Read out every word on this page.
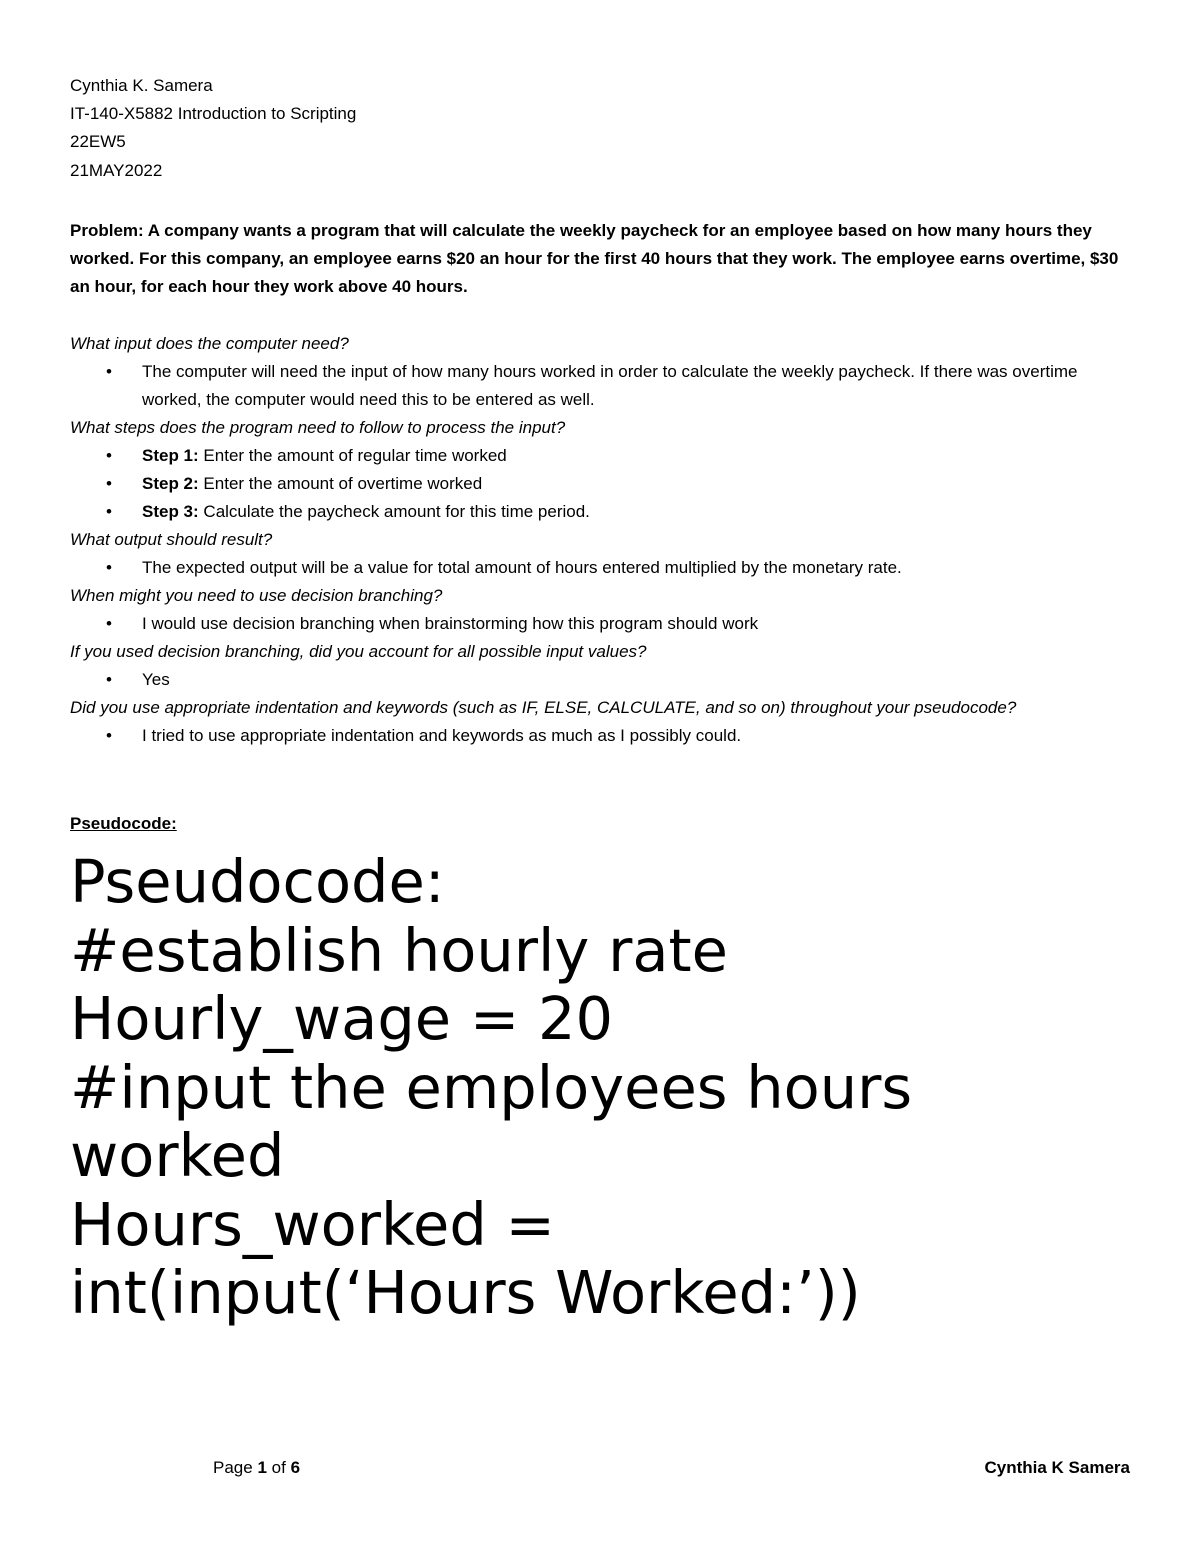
Cynthia K. Samera
IT-140-X5882 Introduction to Scripting
22EW5
21MAY2022
Problem: A company wants a program that will calculate the weekly paycheck for an employee based on how many hours they worked. For this company, an employee earns $20 an hour for the first 40 hours that they work. The employee earns overtime, $30 an hour, for each hour they work above 40 hours.

What input does the computer need?

• The computer will need the input of how many hours worked in order to calculate the weekly paycheck. If there was overtime worked, the computer would need this to be entered as well.

What steps does the program need to follow to process the input?

• Step 1: Enter the amount of regular time worked

• Step 2: Enter the amount of overtime worked

• Step 3: Calculate the paycheck amount for this time period.

What output should result?

• The expected output will be a value for total amount of hours entered multiplied by the monetary rate.

When might you need to use decision branching?

• I would use decision branching when brainstorming how this program should work

If you used decision branching, did you account for all possible input values?

• Yes

Did you use appropriate indentation and keywords (such as IF, ELSE, CALCULATE, and so on) throughout your pseudocode?

• I tried to use appropriate indentation and keywords as much as I possibly could.

Pseudocode:
Pseudocode:
#establish hourly rate
Hourly_wage = 20
#input the employees hours
worked
Hours_worked =
int(input(‘Hours Worked:’))
Page 1 of 6	Cynthia K Samera
